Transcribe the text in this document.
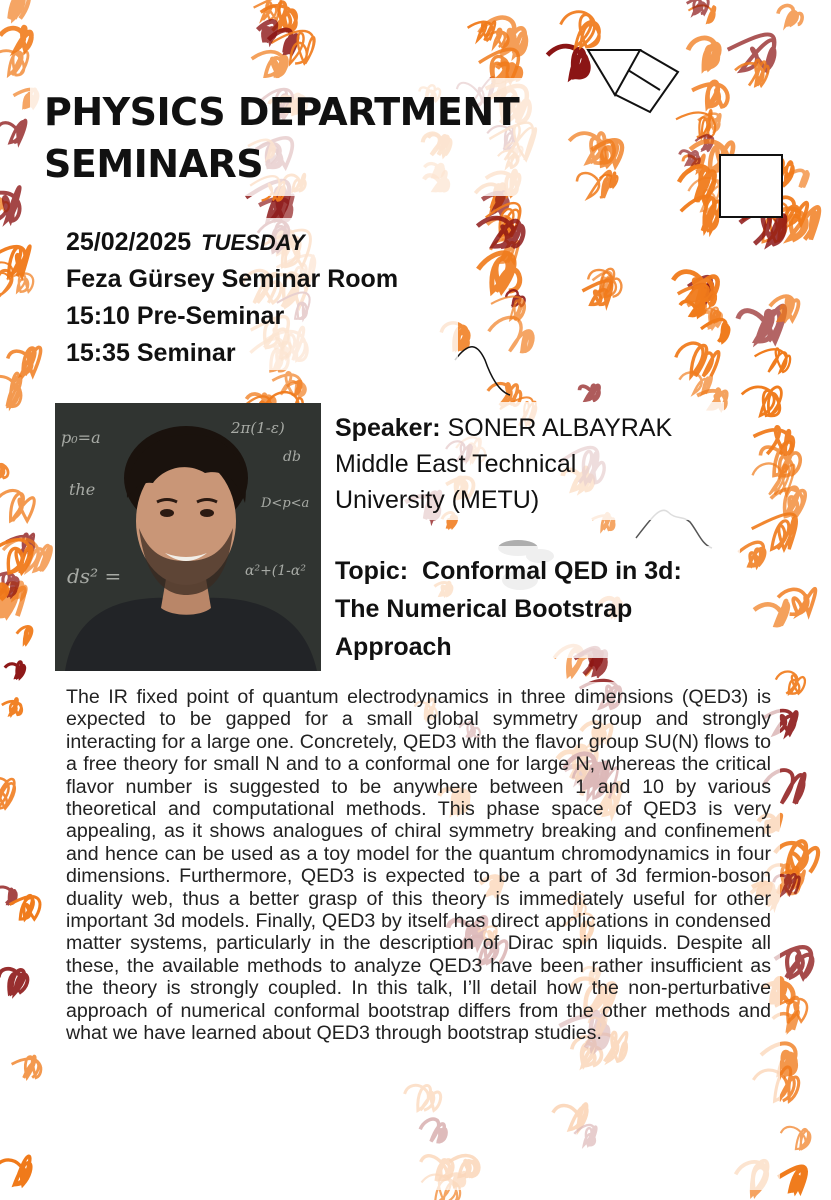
PHYSICS DEPARTMENT
SEMINARS
25/02/2025 TUESDAY
Feza Gürsey Seminar Room
15:10 Pre-Seminar
15:35 Seminar
p₀=a
ds² =
the
D<p<a
2π(1-ε)
db
α²+(1-α²
Speaker: SONER ALBAYRAK
Middle East Technical
University (METU)
Topic: Conformal QED in 3d:
The Numerical Bootstrap
Approach
The IR fixed point of quantum electrodynamics in three dimensions (QED3) is expected to be gapped for a small global symmetry group and strongly interacting for a large one. Concretely, QED3 with the flavor group SU(N) flows to a free theory for small N and to a conformal one for large N, whereas the critical flavor number is suggested to be anywhere between 1 and 10 by various theoretical and computational methods. This phase space of QED3 is very appealing, as it shows analogues of chiral symmetry breaking and confinement and hence can be used as a toy model for the quantum chromodynamics in four dimensions. Furthermore, QED3 is expected to be a part of 3d fermion-boson duality web, thus a better grasp of this theory is immediately useful for other important 3d models. Finally, QED3 by itself has direct applications in condensed matter systems, particularly in the description of Dirac spin liquids. Despite all these, the available methods to analyze QED3 have been rather insufficient as the theory is strongly coupled. In this talk, I’ll detail how the non-perturbative approach of numerical conformal bootstrap differs from the other methods and what we have learned about QED3 through bootstrap studies.
